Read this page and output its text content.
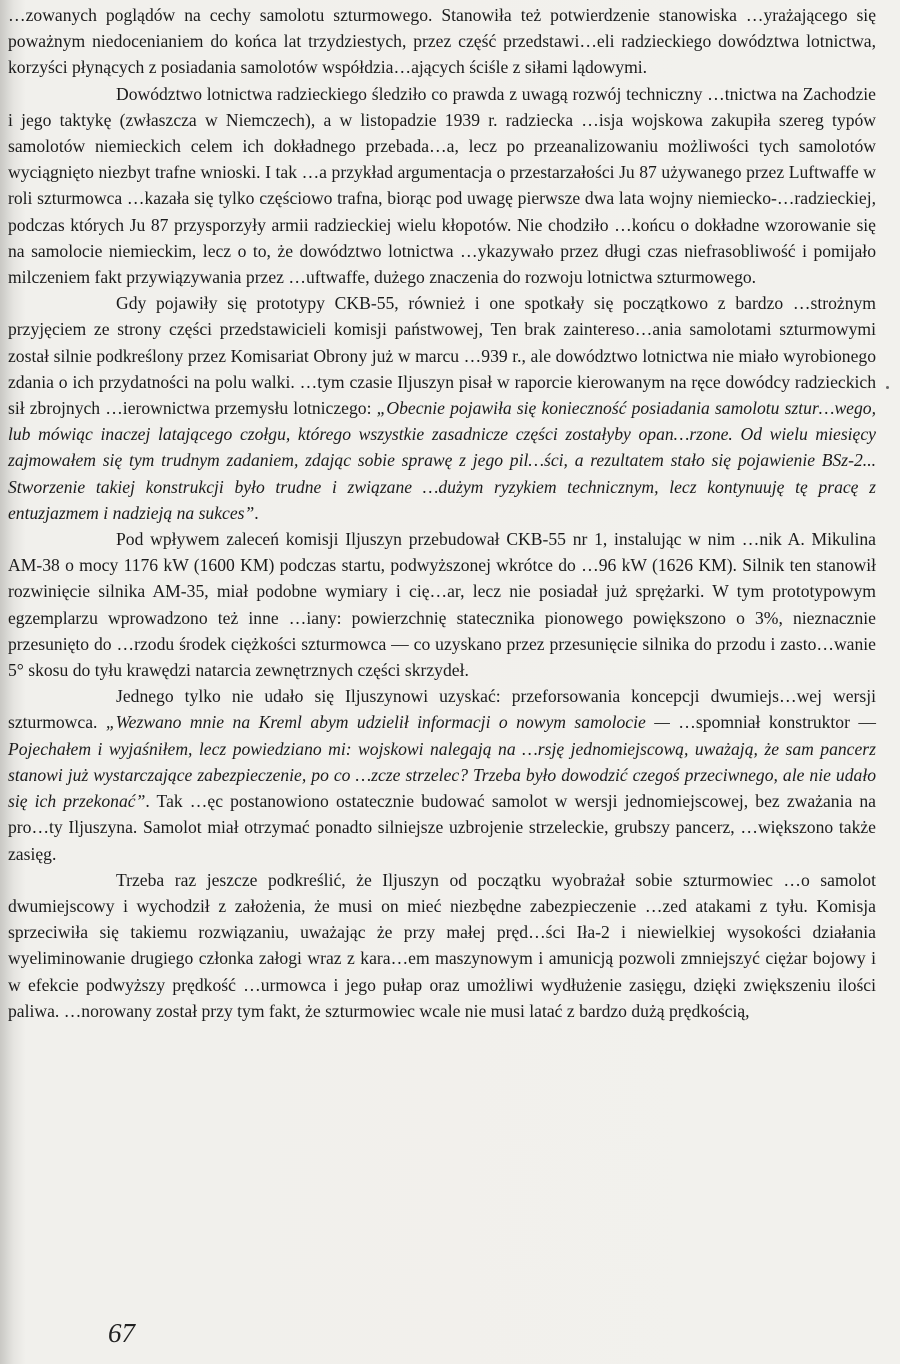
…zowanych poglądów na cechy samolotu szturmowego. Stanowiła też potwierdzenie stanowiska …yrażającego się poważnym niedocenianiem do końca lat trzydziestych, przez część przedstawi…eli radzieckiego dowództwa lotnictwa, korzyści płynących z posiadania samolotów współdzia…ających ściśle z siłami lądowymi.

Dowództwo lotnictwa radzieckiego śledziło co prawda z uwagą rozwój techniczny …tnictwa na Zachodzie i jego taktykę (zwłaszcza w Niemczech), a w listopadzie 1939 r. radziecka …isja wojskowa zakupiła szereg typów samolotów niemieckich celem ich dokładnego przebada…a, lecz po przeanalizowaniu możliwości tych samolotów wyciągnięto niezbyt trafne wnioski. I tak …a przykład argumentacja o przestarzałości Ju 87 używanego przez Luftwaffe w roli szturmowca …kazała się tylko częściowo trafna, biorąc pod uwagę pierwsze dwa lata wojny niemiecko-…radzieckiej, podczas których Ju 87 przysporzyły armii radzieckiej wielu kłopotów. Nie chodziło …końcu o dokładne wzorowanie się na samolocie niemieckim, lecz o to, że dowództwo lotnictwa …ykazywało przez długi czas niefrasobliwość i pomijało milczeniem fakt przywiązywania przez …uftwaffe, dużego znaczenia do rozwoju lotnictwa szturmowego.

Gdy pojawiły się prototypy CKB-55, również i one spotkały się początkowo z bardzo …strożnym przyjęciem ze strony części przedstawicieli komisji państwowej, Ten brak zaintereso…ania samolotami szturmowymi został silnie podkreślony przez Komisariat Obrony już w marcu …939 r., ale dowództwo lotnictwa nie miało wyrobionego zdania o ich przydatności na polu walki. …tym czasie Iljuszyn pisał w raporcie kierowanym na ręce dowódcy radzieckich sił zbrojnych …ierownictwa przemysłu lotniczego: „Obecnie pojawiła się konieczność posiadania samolotu sztur…wego, lub mówiąc inaczej latającego czołgu, którego wszystkie zasadnicze części zostałyby opan…rzone. Od wielu miesięcy zajmowałem się tym trudnym zadaniem, zdając sobie sprawę z jego pil…ści, a rezultatem stało się pojawienie BSz-2... Stworzenie takiej konstrukcji było trudne i związane …dużym ryzykiem technicznym, lecz kontynuuję tę pracę z entuzjazmem i nadzieją na sukces”.

Pod wpływem zaleceń komisji Iljuszyn przebudował CKB-55 nr 1, instalując w nim …nik A. Mikulina AM-38 o mocy 1176 kW (1600 KM) podczas startu, podwyższonej wkrótce do …96 kW (1626 KM). Silnik ten stanowił rozwinięcie silnika AM-35, miał podobne wymiary i cię…ar, lecz nie posiadał już sprężarki. W tym prototypowym egzemplarzu wprowadzono też inne …iany: powierzchnię statecznika pionowego powiększono o 3%, nieznacznie przesunięto do …rzodu środek ciężkości szturmowca — co uzyskano przez przesunięcie silnika do przodu i zasto…wanie 5° skosu do tyłu krawędzi natarcia zewnętrznych części skrzydeł.

Jednego tylko nie udało się Iljuszynowi uzyskać: przeforsowania koncepcji dwumiejs…wej wersji szturmowca. „Wezwano mnie na Kreml abym udzielił informacji o nowym samolocie — …spomniał konstruktor — Pojechałem i wyjaśniłem, lecz powiedziano mi: wojskowi nalegają na …rsję jednomiejscową, uważają, że sam pancerz stanowi już wystarczające zabezpieczenie, po co …zcze strzelec? Trzeba było dowodzić czegoś przeciwnego, ale nie udało się ich przekonać”. Tak …ęc postanowiono ostatecznie budować samolot w wersji jednomiejscowej, bez zważania na pro…ty Iljuszyna. Samolot miał otrzymać ponadto silniejsze uzbrojenie strzeleckie, grubszy pancerz, …większono także zasięg.

Trzeba raz jeszcze podkreślić, że Iljuszyn od początku wyobrażał sobie szturmowiec …o samolot dwumiejscowy i wychodził z założenia, że musi on mieć niezbędne zabezpieczenie …zed atakami z tyłu. Komisja sprzeciwiła się takiemu rozwiązaniu, uważając że przy małej pręd…ści Iła-2 i niewielkiej wysokości działania wyeliminowanie drugiego członka załogi wraz z kara…em maszynowym i amunicją pozwoli zmniejszyć ciężar bojowy i w efekcie podwyższy prędkość …urmowca i jego pułap oraz umożliwi wydłużenie zasięgu, dzięki zwiększeniu ilości paliwa. …norowany został przy tym fakt, że szturmowiec wcale nie musi latać z bardzo dużą prędkością,

67
